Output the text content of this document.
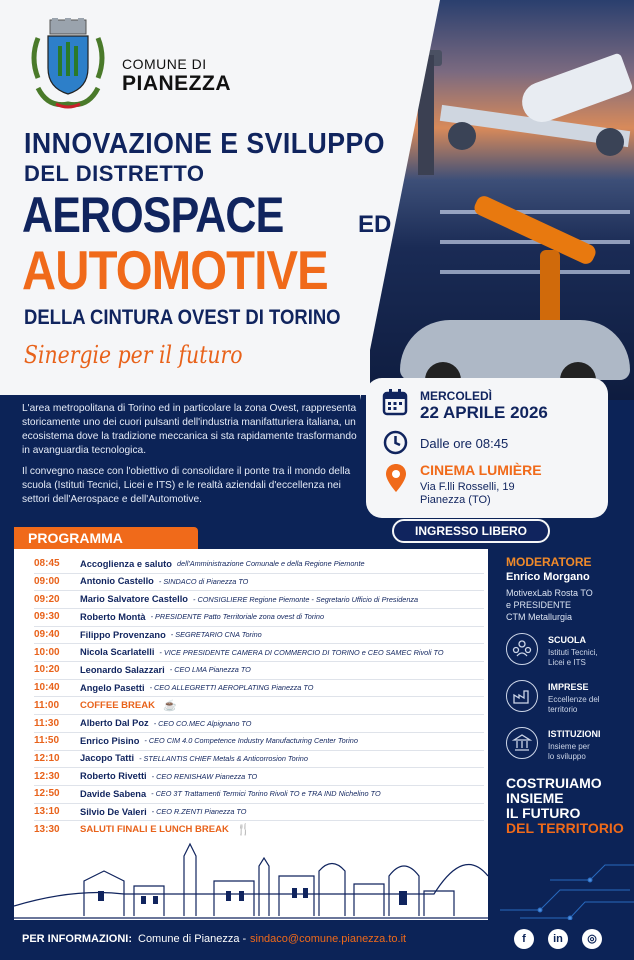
COMUNE DI
PIANEZZA
INNOVAZIONE E SVILUPPO
DEL DISTRETTO
AEROSPACE	ED
AUTOMOTIVE
DELLA CINTURA OVEST DI TORINO
Sinergie per il futuro

L'area metropolitana di Torino ed in particolare la zona Ovest, rappresenta storicamente uno dei cuori pulsanti dell'industria manifatturiera italiana, un ecosistema dove la tradizione meccanica si sta rapidamente trasformando in avanguardia tecnologica.

Il convegno nasce con l'obiettivo di consolidare il ponte tra il mondo della scuola (Istituti Tecnici, Licei e ITS) e le realtà aziendali d'eccellenza nei settori dell'Aerospace e dell'Automotive.

MERCOLEDÌ
22 APRILE 2026
Dalle ore 08:45
CINEMA LUMIÈRE
Via F.lli Rosselli, 19
Pianezza (TO)
INGRESSO LIBERO
PROGRAMMA
08:45	Accoglienza e saluto dell'Amministrazione Comunale e della Regione Piemonte
09:00	Antonio Castello - SINDACO di Pianezza TO
09:20	Mario Salvatore Castello - CONSIGLIERE Regione Piemonte - Segretario Ufficio di Presidenza
09:30	Roberto Montà - PRESIDENTE Patto Territoriale zona ovest di Torino
09:40	Filippo Provenzano - SEGRETARIO CNA Torino
10:00	Nicola Scarlatelli - VICE PRESIDENTE CAMERA DI COMMERCIO DI TORINO e CEO SAMEC Rivoli TO
10:20	Leonardo Salazzari - CEO LMA Pianezza TO
10:40	Angelo Pasetti - CEO ALLEGRETTI AEROPLATING Pianezza TO
11:00	COFFEE BREAK ☕
11:30	Alberto Dal Poz - CEO CO.MEC Alpignano TO
11:50	Enrico Pisino - CEO CIM 4.0 Competence Industry Manufacturing Center Torino
12:10	Jacopo Tatti - STELLANTIS CHIEF Metals & Anticorrosion Torino
12:30	Roberto Rivetti - CEO RENISHAW Pianezza TO
12:50	Davide Sabena - CEO 3T Trattamenti Termici Torino Rivoli TO e TRA IND Nichelino TO
13:10	Silvio De Valeri - CEO R.ZENTI Pianezza TO
13:30	SALUTI FINALI E LUNCH BREAK 🍴
MODERATORE
Enrico Morgano
MotivexLab Rosta TO
e PRESIDENTE
CTM Metallurgia
SCUOLA
Istituti Tecnici,
Licei e ITS
IMPRESE
Eccellenze del
territorio
ISTITUZIONI
Insieme per
lo sviluppo
COSTRUIAMO
INSIEME
IL FUTURO
DEL TERRITORIO
PER INFORMAZIONI: Comune di Pianezza - sindaco@comune.pianezza.to.it	f	in	◎
